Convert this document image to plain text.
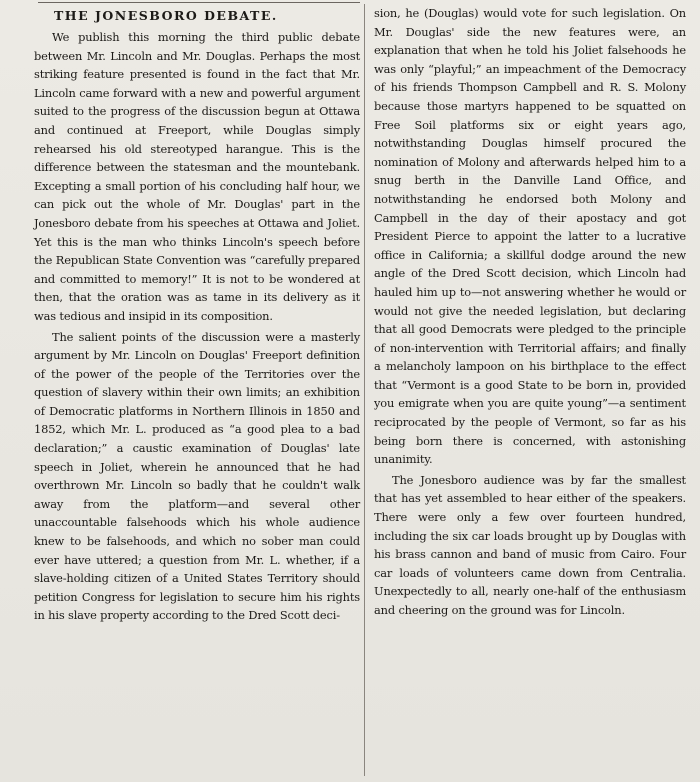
THE JONESBORO DEBATE.

We publish this morning the third public debate between Mr. Lincoln and Mr. Douglas. Perhaps the most striking feature presented is found in the fact that Mr. Lincoln came forward with a new and powerful argument suited to the progress of the discussion begun at Ottawa and continued at Freeport, while Douglas simply rehearsed his old stereotyped harangue. This is the difference between the statesman and the mountebank. Excepting a small portion of his concluding half hour, we can pick out the whole of Mr. Douglas' part in the Jonesboro debate from his speeches at Ottawa and Joliet. Yet this is the man who thinks Lincoln's speech before the Republican State Convention was “carefully prepared and committed to memory!” It is not to be wondered at then, that the oration was as tame in its delivery as it was tedious and insipid in its composition.

The salient points of the discussion were a masterly argument by Mr. Lincoln on Douglas' Freeport definition of the power of the people of the Territories over the question of slavery within their own limits; an exhibition of Democratic platforms in Northern Illinois in 1850 and 1852, which Mr. L. produced as “a good plea to a bad declaration;” a caustic examination of Douglas' late speech in Joliet, wherein he announced that he had overthrown Mr. Lincoln so badly that he couldn't walk away from the platform—and several other unaccountable falsehoods which his whole audience knew to be falsehoods, and which no sober man could ever have uttered; a question from Mr. L. whether, if a slave-holding citizen of a United States Territory should petition Congress for legislation to secure him his rights in his slave property according to the Dred Scott deci-

sion, he (Douglas) would vote for such legislation. On Mr. Douglas' side the new features were, an explanation that when he told his Joliet falsehoods he was only “playful;” an impeachment of the Democracy of his friends Thompson Campbell and R. S. Molony because those martyrs happened to be squatted on Free Soil platforms six or eight years ago, notwithstanding Douglas himself procured the nomination of Molony and afterwards helped him to a snug berth in the Danville Land Office, and notwithstanding he endorsed both Molony and Campbell in the day of their apostacy and got President Pierce to appoint the latter to a lucrative office in California; a skillful dodge around the new angle of the Dred Scott decision, which Lincoln had hauled him up to—not answering whether he would or would not give the needed legislation, but declaring that all good Democrats were pledged to the principle of non-intervention with Territorial affairs; and finally a melancholy lampoon on his birthplace to the effect that “Vermont is a good State to be born in, provided you emigrate when you are quite young”—a sentiment reciprocated by the people of Vermont, so far as his being born there is concerned, with astonishing unanimity.

The Jonesboro audience was by far the smallest that has yet assembled to hear either of the speakers. There were only a few over fourteen hundred, including the six car loads brought up by Douglas with his brass cannon and band of music from Cairo. Four car loads of volunteers came down from Centralia. Unexpectedly to all, nearly one-half of the enthusiasm and cheering on the ground was for Lincoln.
